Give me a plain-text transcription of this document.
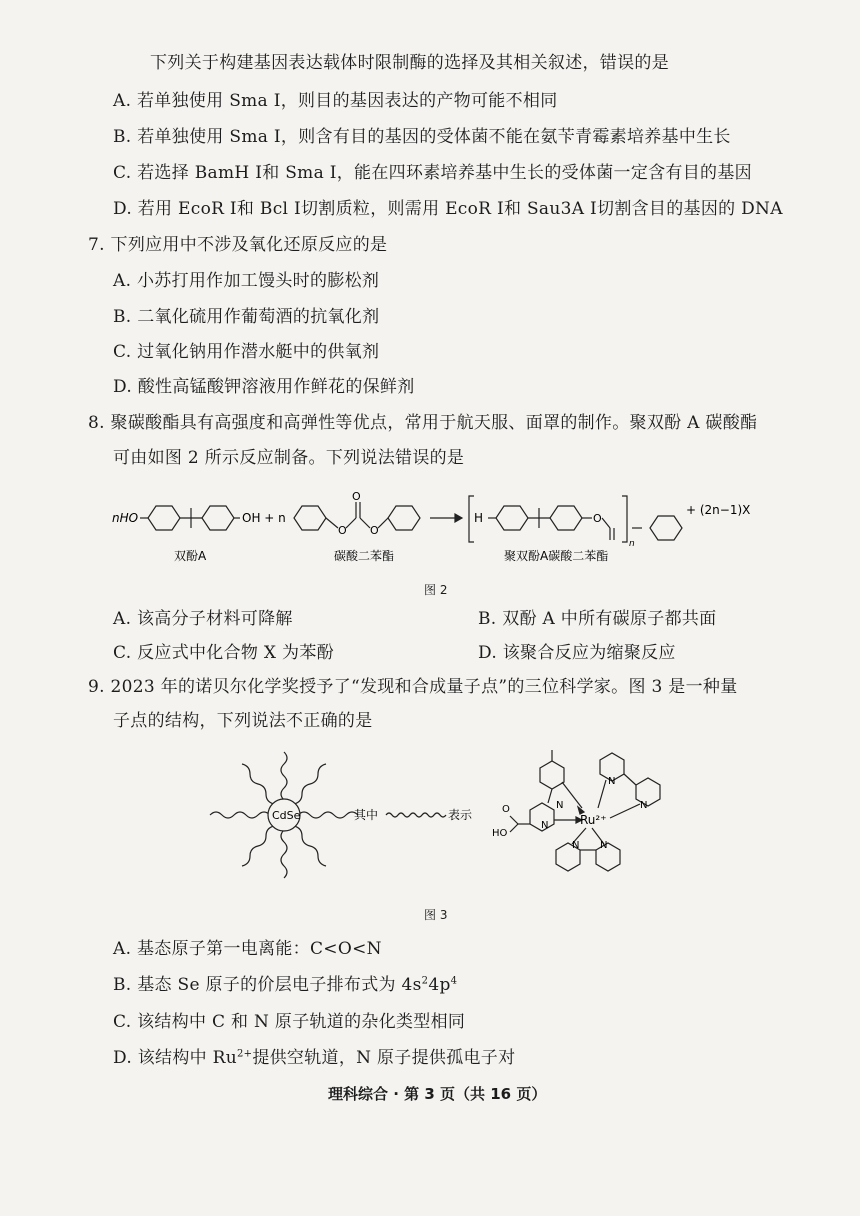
下列关于构建基因表达载体时限制酶的选择及其相关叙述，错误的是
A. 若单独使用 Sma Ⅰ，则目的基因表达的产物可能不相同
B. 若单独使用 Sma Ⅰ，则含有目的基因的受体菌不能在氨苄青霉素培养基中生长
C. 若选择 BamH Ⅰ和 Sma Ⅰ，能在四环素培养基中生长的受体菌一定含有目的基因
D. 若用 EcoR Ⅰ和 Bcl Ⅰ切割质粒，则需用 EcoR Ⅰ和 Sau3A Ⅰ切割含目的基因的 DNA
7. 下列应用中不涉及氧化还原反应的是
A. 小苏打用作加工馒头时的膨松剂
B. 二氧化硫用作葡萄酒的抗氧化剂
C. 过氧化钠用作潜水艇中的供氧剂
D. 酸性高锰酸钾溶液用作鲜花的保鲜剂
8. 聚碳酸酯具有高强度和高弹性等优点，常用于航天服、面罩的制作。聚双酚 A 碳酸酯
可由如图 2 所示反应制备。下列说法错误的是
nHO	OH + n
O
O
O
H	O
n
+ (2n−1)X
双酚A	碳酸二苯酯	聚双酚A碳酸二苯酯
图 2
A. 该高分子材料可降解	B. 双酚 A 中所有碳原子都共面
C. 反应式中化合物 X 为苯酚	D. 该聚合反应为缩聚反应
9. 2023 年的诺贝尔化学奖授予了“发现和合成量子点”的三位科学家。图 3 是一种量
子点的结构，下列说法不正确的是
CdSe	其中	表示	Ru²⁺
HO
O	N
N
N
N
N N
图 3
A. 基态原子第一电离能：C<O<N
B. 基态 Se 原子的价层电子排布式为 $4s^24p^4$
C. 该结构中 C 和 N 原子轨道的杂化类型相同
D. 该结构中 $Ru^{2+}$提供空轨道，N 原子提供孤电子对
理科综合 · 第 3 页（共 16 页）
